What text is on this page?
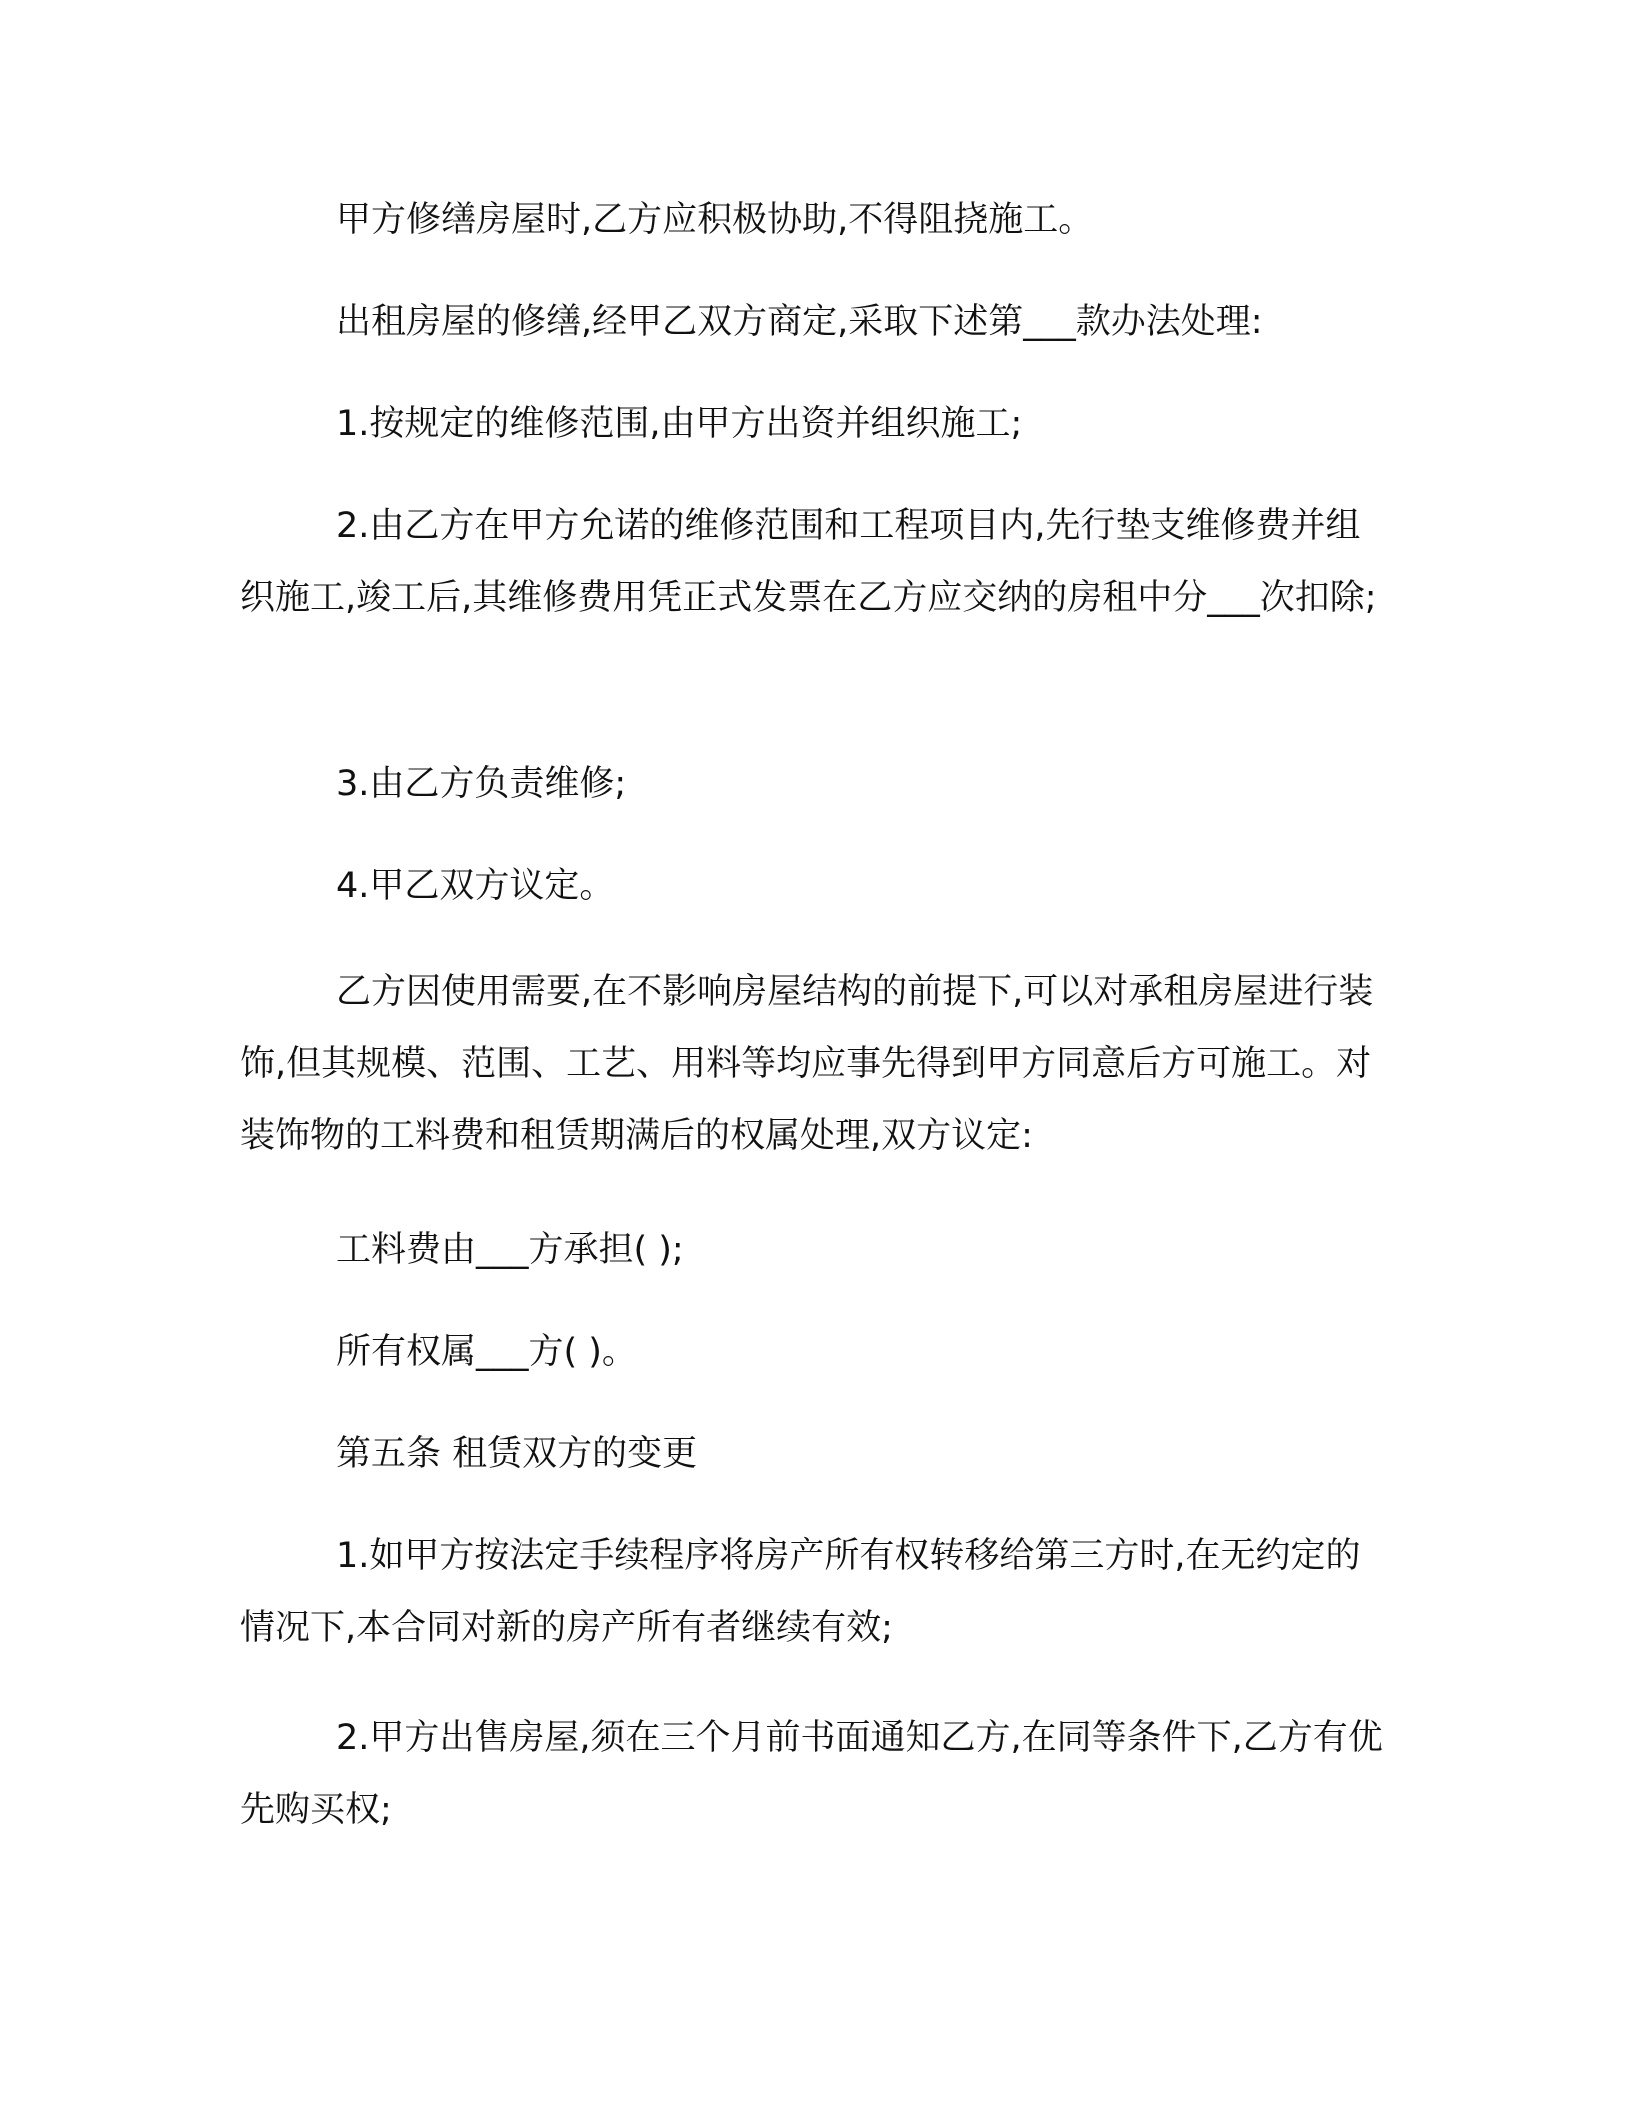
甲方修缮房屋时,乙方应积极协助,不得阻挠施工。

出租房屋的修缮,经甲乙双方商定,采取下述第___款办法处理:

1.按规定的维修范围,由甲方出资并组织施工;

2.由乙方在甲方允诺的维修范围和工程项目内,先行垫支维修费并组织施工,竣工后,其维修费用凭正式发票在乙方应交纳的房租中分___次扣除;

3.由乙方负责维修;

4.甲乙双方议定。

乙方因使用需要,在不影响房屋结构的前提下,可以对承租房屋进行装饰,但其规模、范围、工艺、用料等均应事先得到甲方同意后方可施工。对装饰物的工料费和租赁期满后的权属处理,双方议定:

工料费由___方承担( );

所有权属___方( )。

第五条 租赁双方的变更

1.如甲方按法定手续程序将房产所有权转移给第三方时,在无约定的情况下,本合同对新的房产所有者继续有效;

2.甲方出售房屋,须在三个月前书面通知乙方,在同等条件下,乙方有优先购买权;
